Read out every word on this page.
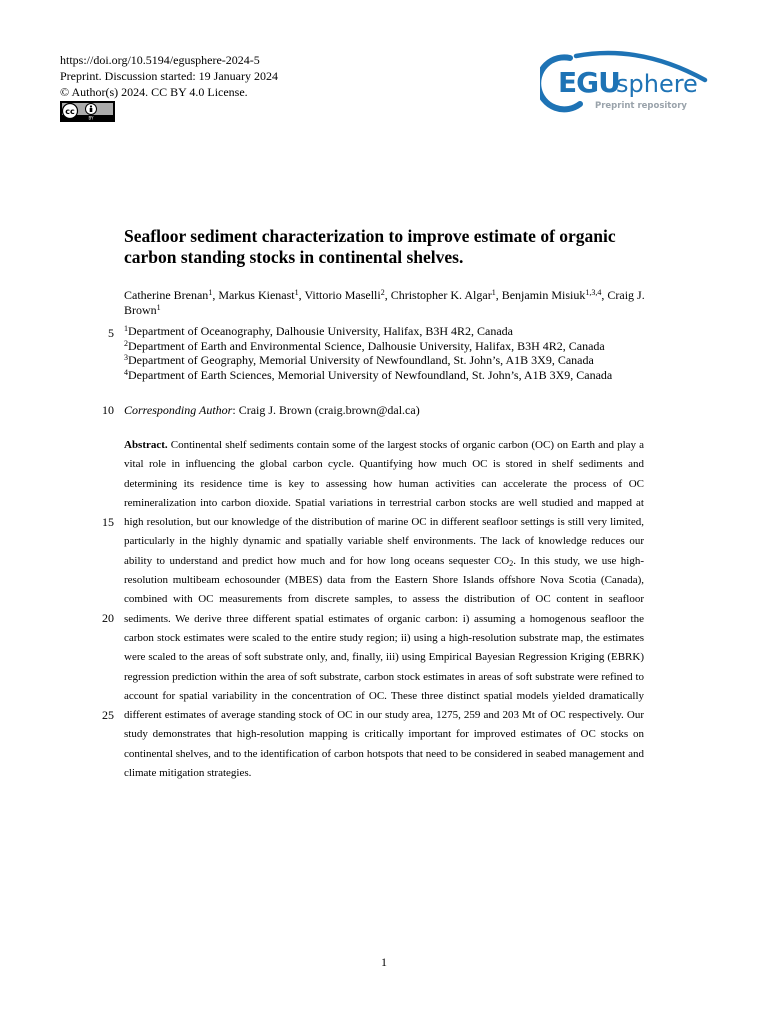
https://doi.org/10.5194/egusphere-2024-5
Preprint. Discussion started: 19 January 2024
© Author(s) 2024. CC BY 4.0 License.
cc
BY
EGU
sphere
Preprint repository
Seafloor sediment characterization to improve estimate of organic carbon standing stocks in continental shelves.
Catherine Brenan$^1$, Markus Kienast$^1$, Vittorio Maselli$^2$, Christopher K. Algar$^1$, Benjamin Misiuk$^{1,3,4}$, Craig J. Brown$^1$
$^1$Department of Oceanography, Dalhousie University, Halifax, B3H 4R2, Canada
$^2$Department of Earth and Environmental Science, Dalhousie University, Halifax, B3H 4R2, Canada
$^3$Department of Geography, Memorial University of Newfoundland, St. John’s, A1B 3X9, Canada
$^4$Department of Earth Sciences, Memorial University of Newfoundland, St. John’s, A1B 3X9, Canada
5
10
15
20
25
Corresponding Author: Craig J. Brown (craig.brown@dal.ca)
Abstract. Continental shelf sediments contain some of the largest stocks of organic carbon (OC) on Earth and play a vital role in influencing the global carbon cycle. Quantifying how much OC is stored in shelf sediments and determining its residence time is key to assessing how human activities can accelerate the process of OC remineralization into carbon dioxide. Spatial variations in terrestrial carbon stocks are well studied and mapped at high resolution, but our knowledge of the distribution of marine OC in different seafloor settings is still very limited, particularly in the highly dynamic and spatially variable shelf environments. The lack of knowledge reduces our ability to understand and predict how much and for how long oceans sequester $CO_2$. In this study, we use high-resolution multibeam echosounder (MBES) data from the Eastern Shore Islands offshore Nova Scotia (Canada), combined with OC measurements from discrete samples, to assess the distribution of OC content in seafloor sediments. We derive three different spatial estimates of organic carbon: i) assuming a homogenous seafloor the carbon stock estimates were scaled to the entire study region; ii) using a high-resolution substrate map, the estimates were scaled to the areas of soft substrate only, and, finally, iii) using Empirical Bayesian Regression Kriging (EBRK) regression prediction within the area of soft substrate, carbon stock estimates in areas of soft substrate were refined to account for spatial variability in the concentration of OC. These three distinct spatial models yielded dramatically different estimates of average standing stock of OC in our study area, 1275, 259 and 203 Mt of OC respectively. Our study demonstrates that high-resolution mapping is critically important for improved estimates of OC stocks on continental shelves, and to the identification of carbon hotspots that need to be considered in seabed management and climate mitigation strategies.
1
